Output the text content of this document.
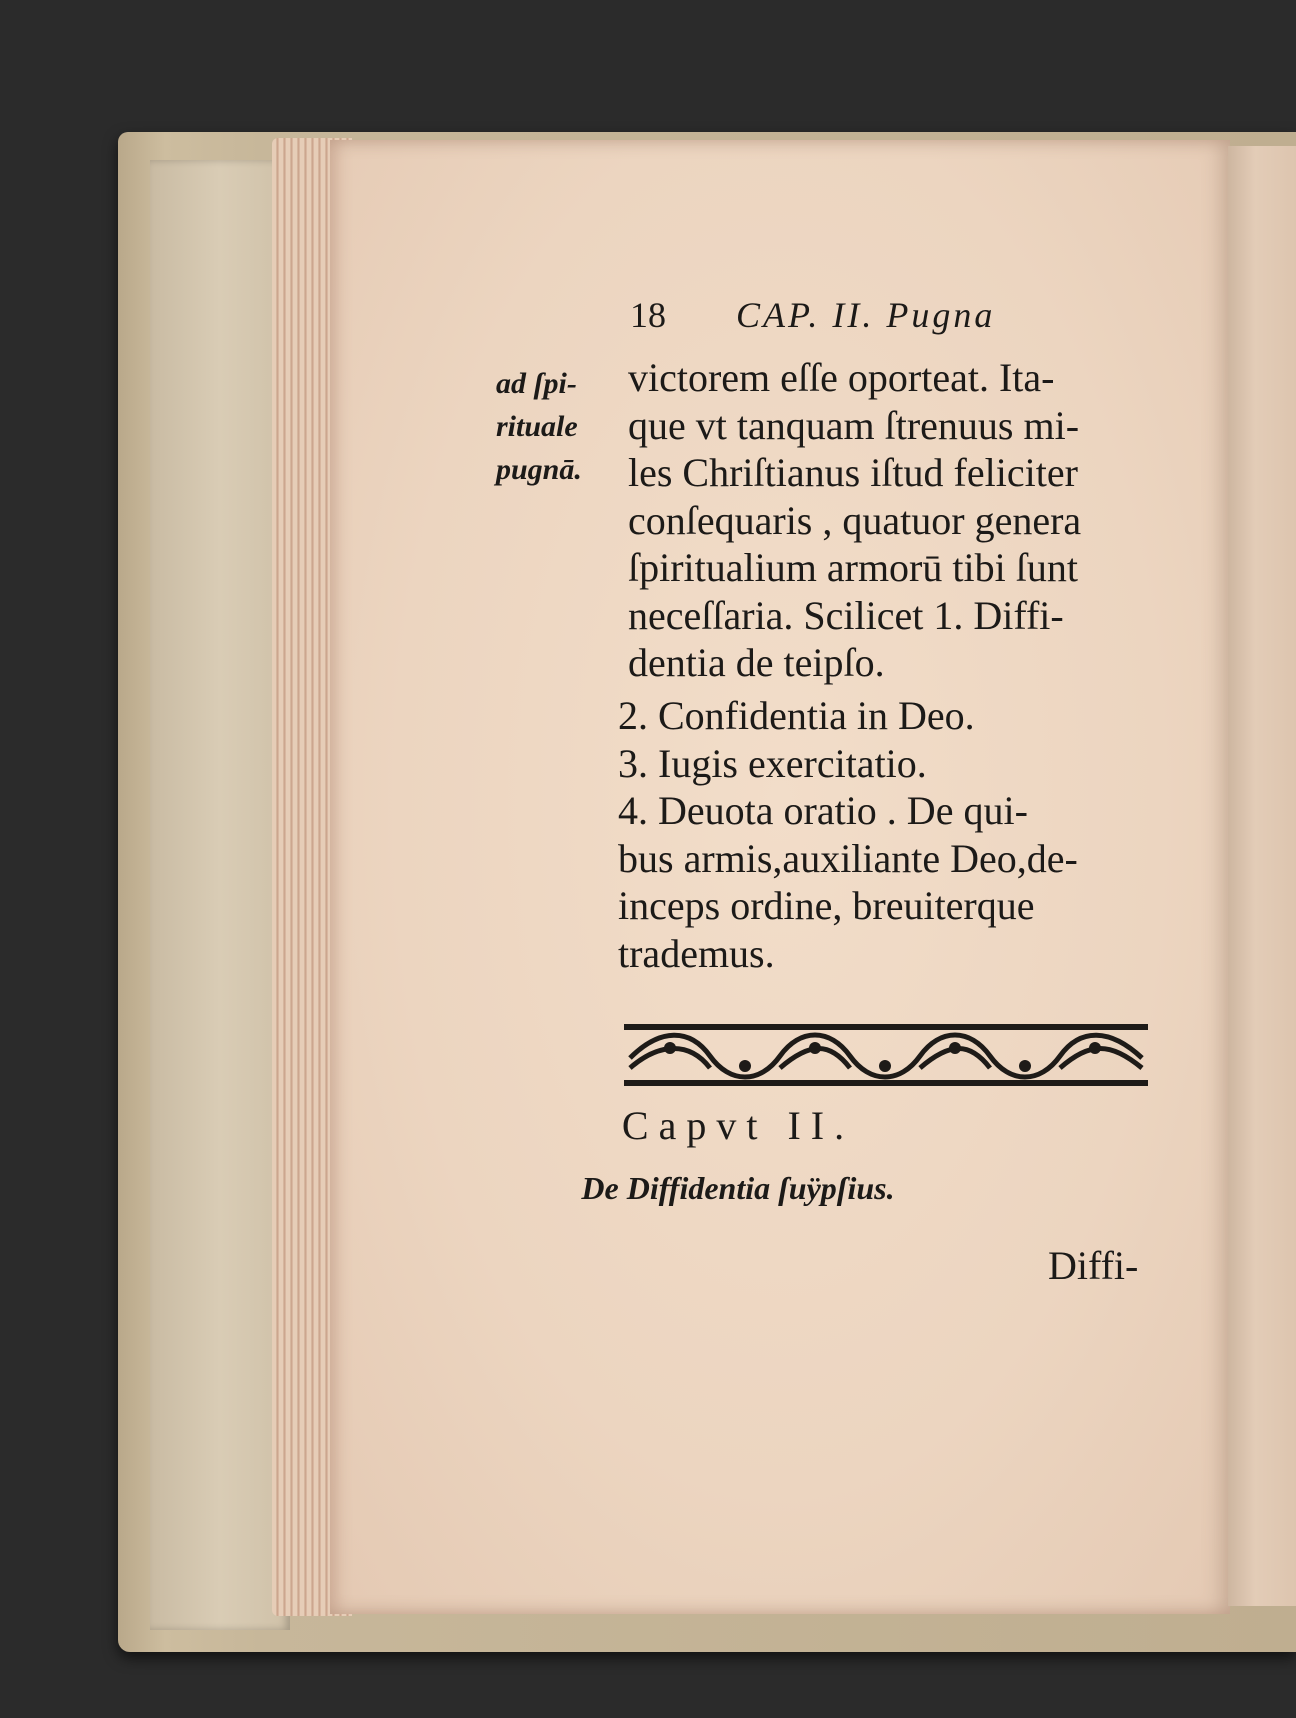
18 CAP. II. Pugna
ad ſpi-
rituale
pugnā.
victorem eſſe oporteat. Ita-
que vt tanquam ſtrenuus mi-
les Chriſtianus iſtud feliciter
conſequaris , quatuor genera
ſpiritualium armorū tibi ſunt
neceſſaria. Scilicet 1. Diffi-
dentia de teipſo.
2. Confidentia in Deo.
3. Iugis exercitatio.
4. Deuota oratio . De qui-
bus armis,auxiliante Deo,de-
inceps ordine, breuiterque
trademus.
Capvt II.
De Diffidentia ſuÿpſius.
Diffi-
